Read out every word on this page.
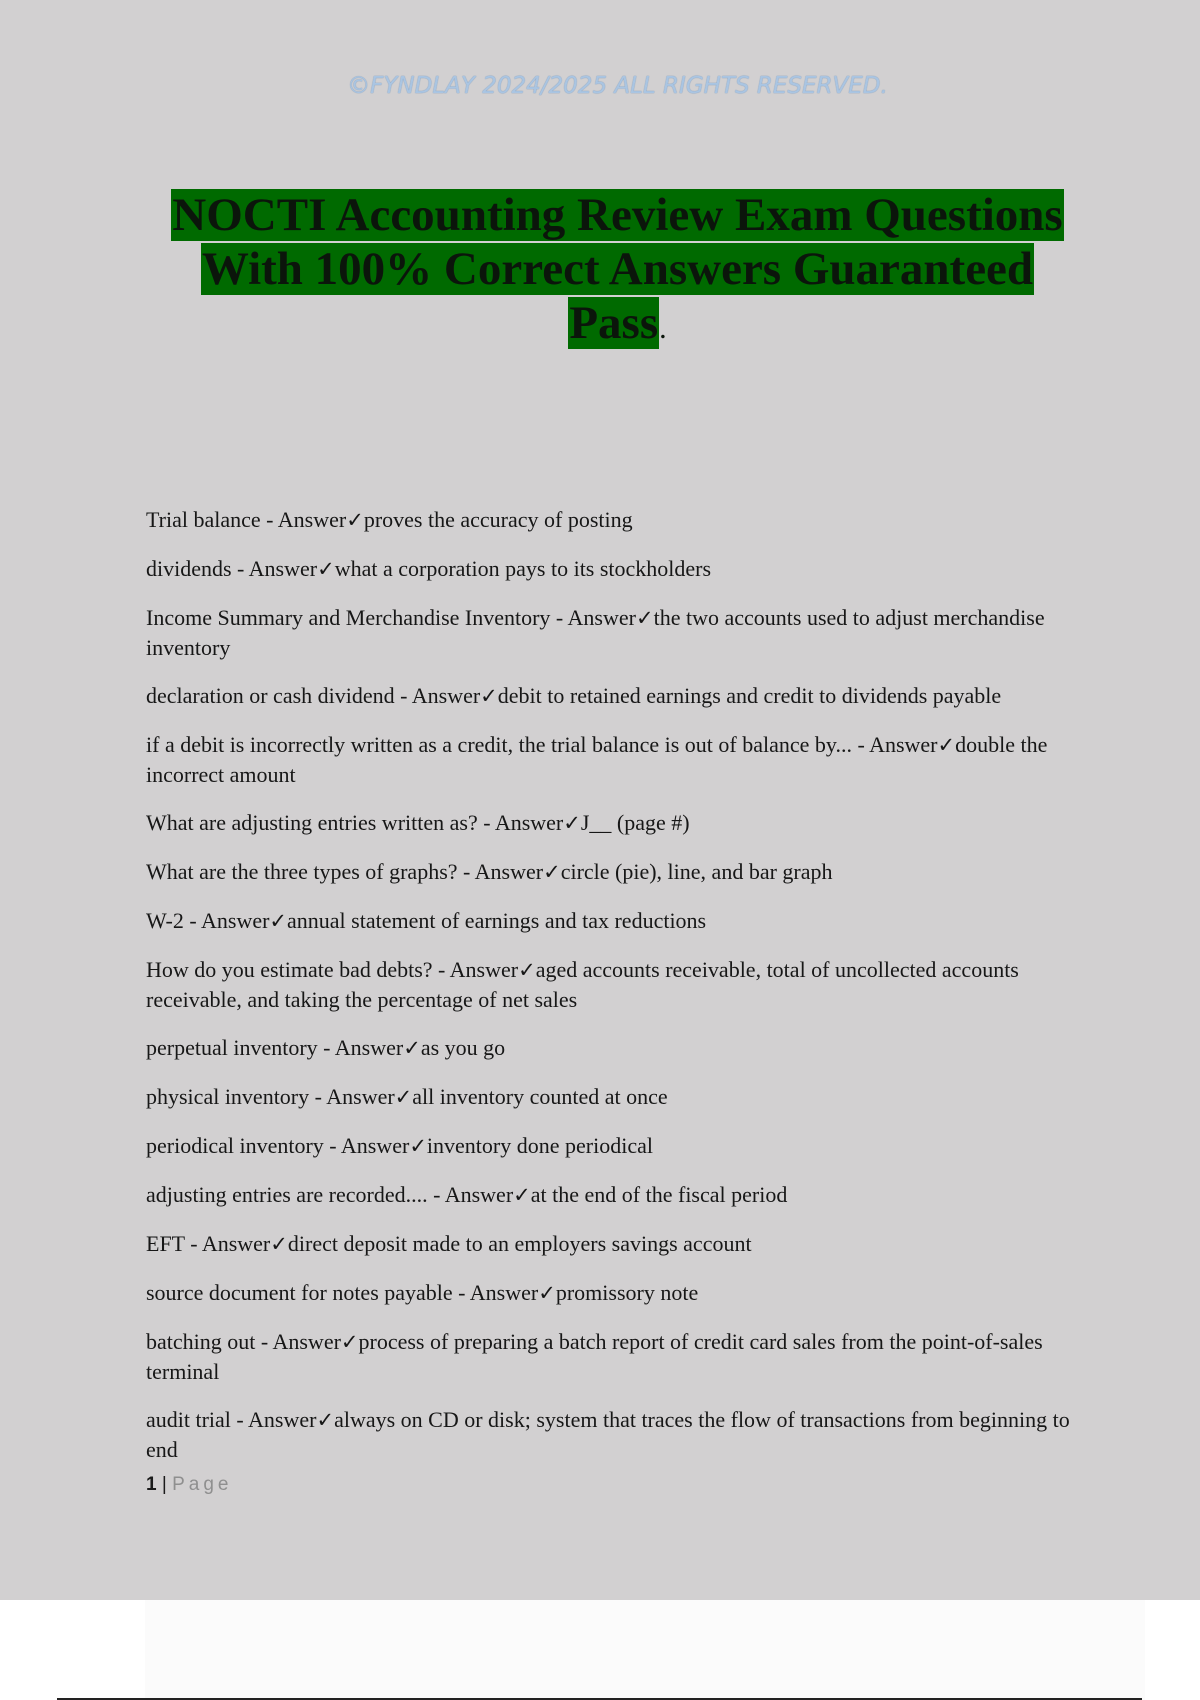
©FYNDLAY 2024/2025 ALL RIGHTS RESERVED.
NOCTI Accounting Review Exam Questions
With 100% Correct Answers Guaranteed
Pass.
Trial balance - Answer✓proves the accuracy of posting
dividends - Answer✓what a corporation pays to its stockholders
Income Summary and Merchandise Inventory - Answer✓the two accounts used to adjust merchandise inventory
declaration or cash dividend - Answer✓debit to retained earnings and credit to dividends payable
if a debit is incorrectly written as a credit, the trial balance is out of balance by... - Answer✓double the incorrect amount
What are adjusting entries written as? - Answer✓J__ (page #)
What are the three types of graphs? - Answer✓circle (pie), line, and bar graph
W-2 - Answer✓annual statement of earnings and tax reductions
How do you estimate bad debts? - Answer✓aged accounts receivable, total of uncollected accounts receivable, and taking the percentage of net sales
perpetual inventory - Answer✓as you go
physical inventory - Answer✓all inventory counted at once
periodical inventory - Answer✓inventory done periodical
adjusting entries are recorded.... - Answer✓at the end of the fiscal period
EFT - Answer✓direct deposit made to an employers savings account
source document for notes payable - Answer✓promissory note
batching out - Answer✓process of preparing a batch report of credit card sales from the point-of-sales terminal
audit trial - Answer✓always on CD or disk; system that traces the flow of transactions from beginning to end
1 | Page
